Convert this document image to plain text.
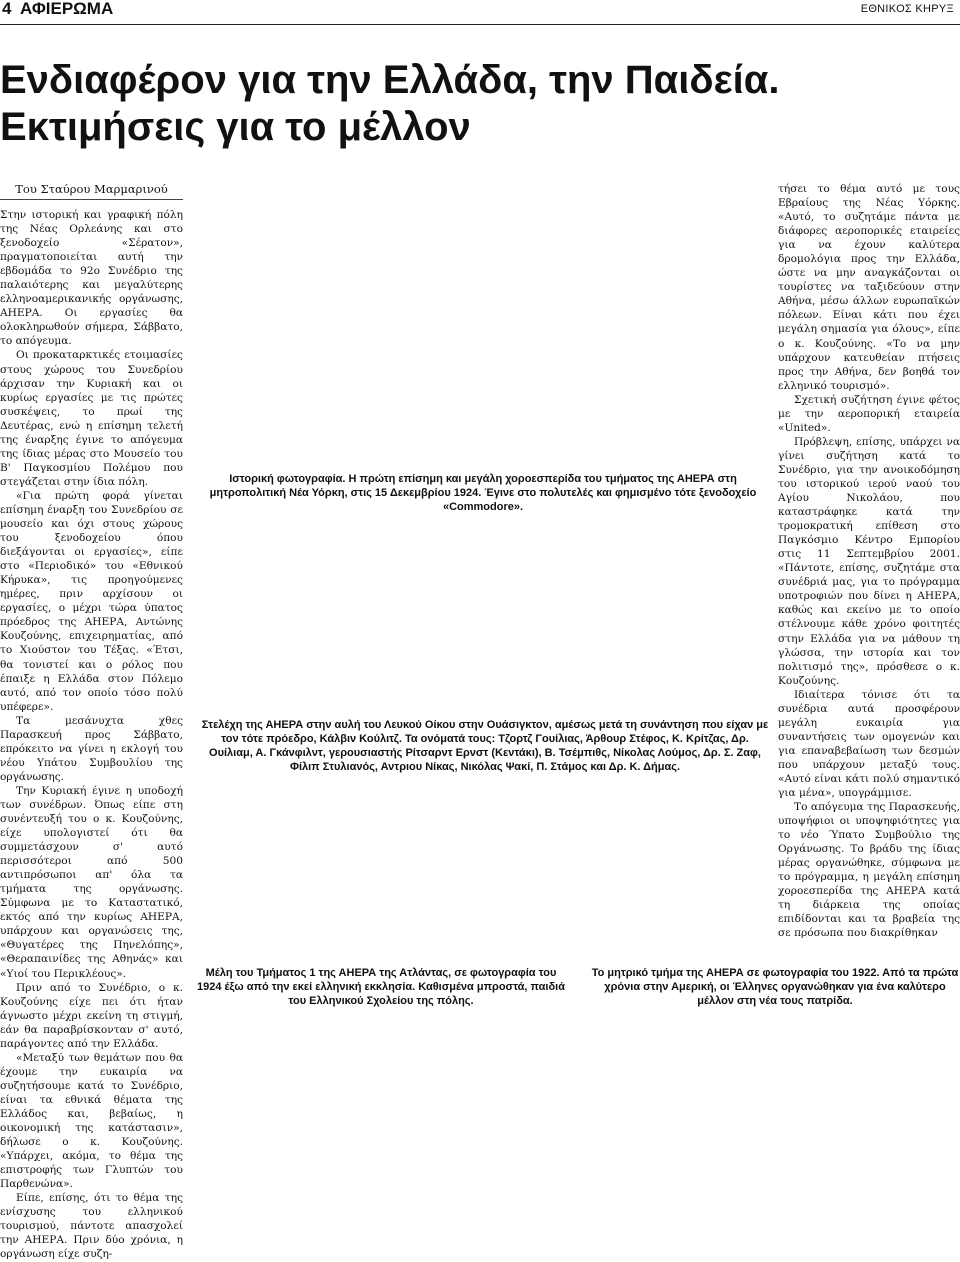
4 ΑΦΙΕΡΩΜΑ	ΕΘΝΙΚΟΣ ΚΗΡΥΞ
Ενδιαφέρον για την Ελλάδα, την Παιδεία.
Εκτιμήσεις για το μέλλον
Του Σταύρου Μαρμαρινού

Στην ιστορική και γραφική πόλη της Νέας Ορλεάνης και στο ξενοδοχείο «Σέρατον», πραγματοποιείται αυτή την εβδομάδα το 92ο Συνέδριο της παλαιότερης και μεγαλύτερης ελληνοαμερικανικής οργάνωσης, ΑΗΕΡΑ. Οι εργασίες θα ολοκληρωθούν σήμερα, Σάββατο, το απόγευμα.

Οι προκαταρκτικές ετοιμασίες στους χώρους του Συνεδρίου άρχισαν την Κυριακή και οι κυρίως εργασίες με τις πρώτες συσκέψεις, το πρωί της Δευτέρας, ενώ η επίσημη τελετή της έναρξης έγινε το απόγευμα της ίδιας μέρας στο Μουσείο του Β' Παγκοσμίου Πολέμου που στεγάζεται στην ίδια πόλη.

«Για πρώτη φορά γίνεται επίσημη έναρξη του Συνεδρίου σε μουσείο και όχι στους χώρους του ξενοδοχείου όπου διεξάγονται οι εργασίες», είπε στο «Περιοδικό» του «Εθνικού Κήρυκα», τις προηγούμενες ημέρες, πριν αρχίσουν οι εργασίες, ο μέχρι τώρα ύπατος πρόεδρος της ΑΗΕΡΑ, Αντώνης Κουζούνης, επιχειρηματίας, από το Χιούστον του Τέξας. «Έτσι, θα τονιστεί και ο ρόλος που έπαιξε η Ελλάδα στον Πόλεμο αυτό, από τον οποίο τόσο πολύ υπέφερε».

Τα μεσάνυχτα χθες Παρασκευή προς Σάββατο, επρόκειτο να γίνει η εκλογή του νέου Υπάτου Συμβουλίου της οργάνωσης.

Την Κυριακή έγινε η υποδοχή των συνέδρων. Όπως είπε στη συνέντευξή του ο κ. Κουζούνης, είχε υπολογιστεί ότι θα συμμετάσχουν σ' αυτό περισσότεροι από 500 αντιπρόσωποι απ' όλα τα τμήματα της οργάνωσης. Σύμφωνα με το Καταστατικό, εκτός από την κυρίως ΑΗΕΡΑ, υπάρχουν και οργανώσεις της, «Θυγατέρες της Πηνελόπης», «Θεραπαινίδες της Αθηνάς» και «Υιοί του Περικλέους».

Πριν από το Συνέδριο, ο κ. Κουζούνης είχε πει ότι ήταν άγνωστο μέχρι εκείνη τη στιγμή, εάν θα παραβρίσκονταν σ' αυτό, παράγοντες από την Ελλάδα.

«Μεταξύ των θεμάτων που θα έχουμε την ευκαιρία να συζητήσουμε κατά το Συνέδριο, είναι τα εθνικά θέματα της Ελλάδος και, βεβαίως, η οικονομική της κατάστασιν», δήλωσε ο κ. Κουζούνης. «Υπάρχει, ακόμα, το θέμα της επιστροφής των Γλυπτών του Παρθενώνα».

Είπε, επίσης, ότι το θέμα της ενίσχυσης του ελληνικού τουρισμού, πάντοτε απασχολεί την ΑΗΕΡΑ. Πριν δύο χρόνια, η οργάνωση είχε συζη-

τήσει το θέμα αυτό με τους Εβραίους της Νέας Υόρκης. «Αυτό, το συζητάμε πάντα με διάφορες αεροπορικές εταιρείες για να έχουν καλύτερα δρομολόγια προς την Ελλάδα, ώστε να μην αναγκάζονται οι τουρίστες να ταξιδεύουν στην Αθήνα, μέσω άλλων ευρωπαϊκών πόλεων. Είναι κάτι που έχει μεγάλη σημασία για όλους», είπε ο κ. Κουζούνης. «Το να μην υπάρχουν κατευθείαν πτήσεις προς την Αθήνα, δεν βοηθά τον ελληνικό τουρισμό».

Σχετική συζήτηση έγινε φέτος με την αεροπορική εταιρεία «United».

Πρόβλεψη, επίσης, υπάρχει να γίνει συζήτηση κατά το Συνέδριο, για την ανοικοδόμηση του ιστορικού ιερού ναού του Αγίου Νικολάου, που καταστράφηκε κατά την τρομοκρατική επίθεση στο Παγκόσμιο Κέντρο Εμπορίου στις 11 Σεπτεμβρίου 2001. «Πάντοτε, επίσης, συζητάμε στα συνέδριά μας, για το πρόγραμμα υποτροφιών που δίνει η ΑΗΕΡΑ, καθώς και εκείνο με το οποίο στέλνουμε κάθε χρόνο φοιτητές στην Ελλάδα για να μάθουν τη γλώσσα, την ιστορία και τον πολιτισμό της», πρόσθεσε ο κ. Κουζούνης.

Ιδιαίτερα τόνισε ότι τα συνέδρια αυτά προσφέρουν μεγάλη ευκαιρία για συναντήσεις των ομογενών και για επαναβεβαίωση των δεσμών που υπάρχουν μεταξύ τους. «Αυτό είναι κάτι πολύ σημαντικό για μένα», υπογράμμισε.

Το απόγευμα της Παρασκευής, υποψήφιοι οι υποψηφιότητες για το νέο Ύπατο Συμβούλιο της Οργάνωσης. Το βράδυ της ίδιας μέρας οργανώθηκε, σύμφωνα με το πρόγραμμα, η μεγάλη επίσημη χοροεσπερίδα της ΑΗΕΡΑ κατά τη διάρκεια της οποίας επιδίδονται και τα βραβεία της σε πρόσωπα που διακρίθηκαν

Ιστορική φωτογραφία. Η πρώτη επίσημη και μεγάλη χοροεσπερίδα του τμήματος της ΑΗΕΡΑ στη μητροπολιτική Νέα Υόρκη, στις 15 Δεκεμβρίου 1924. Έγινε στο πολυτελές και φημισμένο τότε ξενοδοχείο «Commodore».
Στελέχη της ΑΗΕΡΑ στην αυλή του Λευκού Οίκου στην Ουάσιγκτον, αμέσως μετά τη συνάντηση που είχαν με τον τότε πρόεδρο, Κάλβιν Κούλιτζ. Τα ονόματά τους: Τζορτζ Γουίλιας, Άρθουρ Στέφος, Κ. Κρίτζας, Δρ. Ουίλιαμ, Α. Γκάνφιλντ, γερουσιαστής Ρίτσαρντ Ερνστ (Κεντάκι), Β. Τσέμπιθς, Νίκολας Λούμος, Δρ. Σ. Ζαφ, Φίλιπ Στυλιανός, Αντριου Νίκας, Νικόλας Ψακί, Π. Στάμος και Δρ. Κ. Δήμας.
Μέλη του Τμήματος 1 της ΑΗΕΡΑ της Ατλάντας, σε φωτογραφία του 1924 έξω από την εκεί ελληνική εκκλησία. Καθισμένα μπροστά, παιδιά του Ελληνικού Σχολείου της πόλης.
Το μητρικό τμήμα της ΑΗΕΡΑ σε φωτογραφία του 1922. Από τα πρώτα χρόνια στην Αμερική, οι Έλληνες οργανώθηκαν για ένα καλύτερο μέλλον στη νέα τους πατρίδα.
